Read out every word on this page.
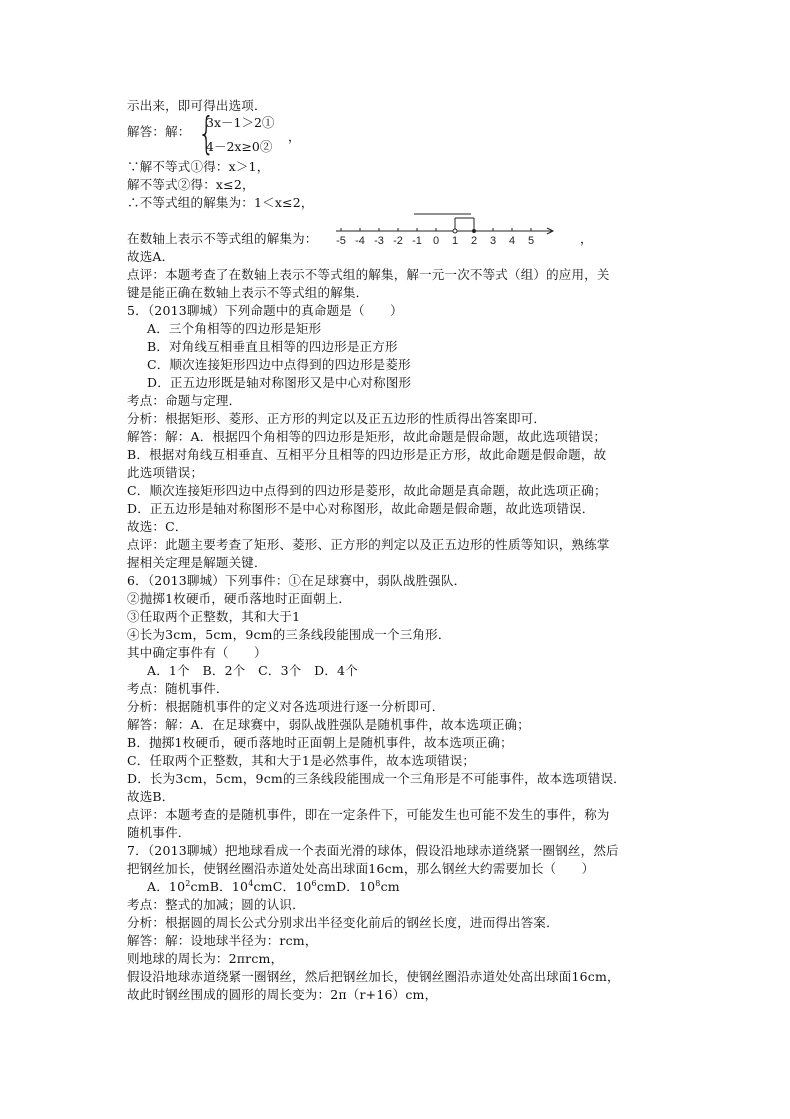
示出来，即可得出选项．
解答：解： {
3x－1＞2①
4－2x≥0②
，
∵解不等式①得：x＞1，
解不等式②得：x≤2，
∴不等式组的解集为：1＜x≤2，
在数轴上表示不等式组的解集为： -5 -4 -3 -2 -1 0 1 2 3 4 5	，
故选A．
点评：本题考查了在数轴上表示不等式组的解集，解一元一次不等式（组）的应用，关
键是能正确在数轴上表示不等式组的解集．
5．（2013聊城）下列命题中的真命题是（　　）
A．三个角相等的四边形是矩形
B．对角线互相垂直且相等的四边形是正方形
C．顺次连接矩形四边中点得到的四边形是菱形
D．正五边形既是轴对称图形又是中心对称图形
考点：命题与定理．
分析：根据矩形、菱形、正方形的判定以及正五边形的性质得出答案即可．
解答：解：A．根据四个角相等的四边形是矩形，故此命题是假命题，故此选项错误；
B．根据对角线互相垂直、互相平分且相等的四边形是正方形，故此命题是假命题，故
此选项错误；
C．顺次连接矩形四边中点得到的四边形是菱形，故此命题是真命题，故此选项正确；
D．正五边形是轴对称图形不是中心对称图形，故此命题是假命题，故此选项错误．
故选：C．
点评：此题主要考查了矩形、菱形、正方形的判定以及正五边形的性质等知识，熟练掌
握相关定理是解题关键．
6．（2013聊城）下列事件：①在足球赛中，弱队战胜强队．
②抛掷1枚硬币，硬币落地时正面朝上．
③任取两个正整数，其和大于1
④长为3cm，5cm，9cm的三条线段能围成一个三角形．
其中确定事件有（　　）
A．1个　B．2个　C．3个　D．4个
考点：随机事件．
分析：根据随机事件的定义对各选项进行逐一分析即可．
解答：解：A．在足球赛中，弱队战胜强队是随机事件，故本选项正确；
B．抛掷1枚硬币，硬币落地时正面朝上是随机事件，故本选项正确；
C．任取两个正整数，其和大于1是必然事件，故本选项错误；
D．长为3cm，5cm，9cm的三条线段能围成一个三角形是不可能事件，故本选项错误．
故选B．
点评：本题考查的是随机事件，即在一定条件下，可能发生也可能不发生的事件，称为
随机事件．
7．（2013聊城）把地球看成一个表面光滑的球体，假设沿地球赤道绕紧一圈钢丝，然后
把钢丝加长，使钢丝圈沿赤道处处高出球面16cm，那么钢丝大约需要加长（　　）
A．$10^2cmB$．$10^4cmC$．$10^6cmD$．$10^8cm$
考点：整式的加减；圆的认识．
分析：根据圆的周长公式分别求出半径变化前后的钢丝长度，进而得出答案．
解答：解：设地球半径为：rcm，
则地球的周长为：2πrcm，
假设沿地球赤道绕紧一圈钢丝，然后把钢丝加长，使钢丝圈沿赤道处处高出球面16cm，
故此时钢丝围成的圆形的周长变为：2π（r+16）cm，
